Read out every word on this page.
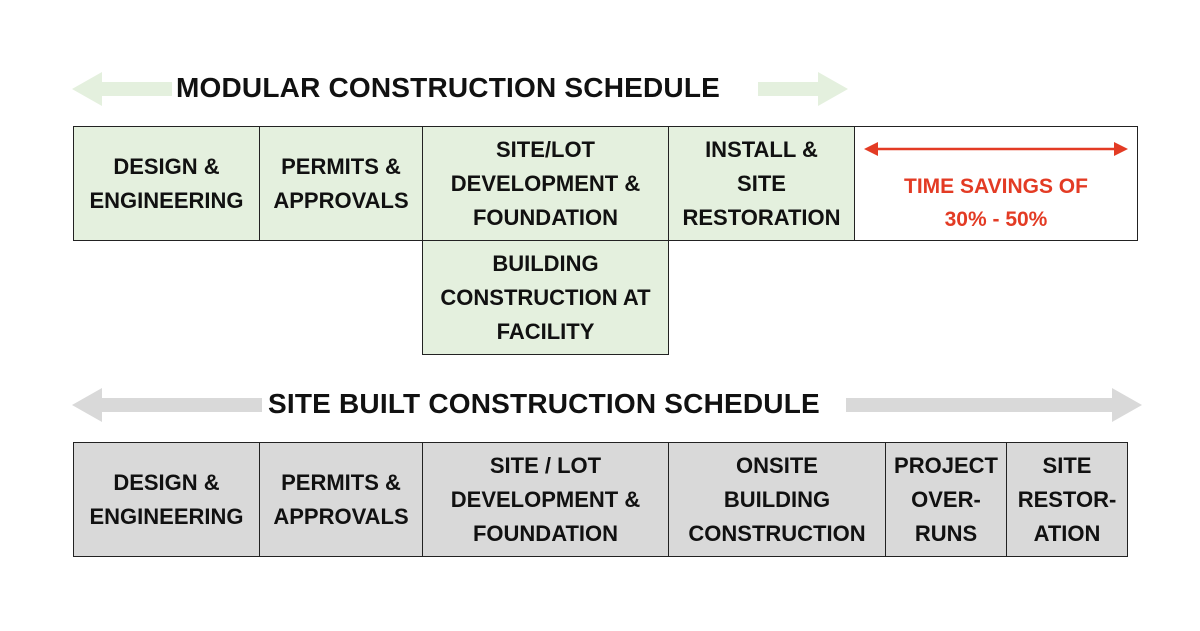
MODULAR CONSTRUCTION SCHEDULE
DESIGN &
ENGINEERING
PERMITS &
APPROVALS
SITE/LOT
DEVELOPMENT &
FOUNDATION
INSTALL &
SITE
RESTORATION
TIME SAVINGS OF
30% - 50%
BUILDING
CONSTRUCTION AT
FACILITY
SITE BUILT CONSTRUCTION SCHEDULE
DESIGN &
ENGINEERING
PERMITS &
APPROVALS
SITE / LOT
DEVELOPMENT &
FOUNDATION
ONSITE
BUILDING
CONSTRUCTION
PROJECT
OVER-
RUNS
SITE
RESTOR-
ATION
